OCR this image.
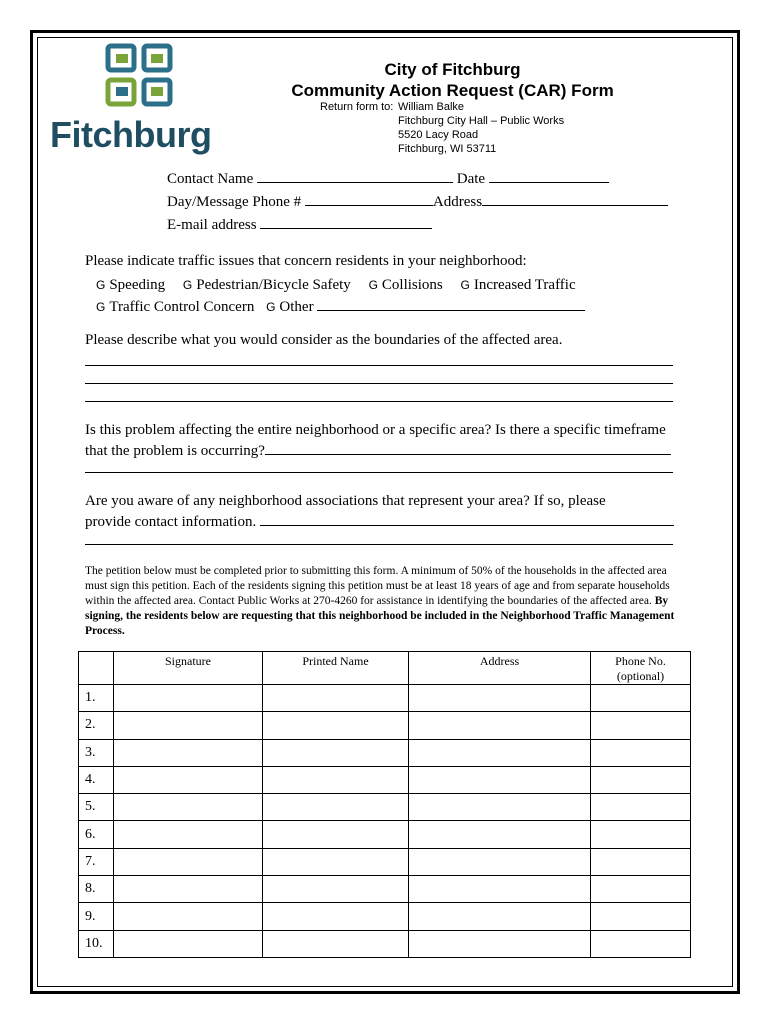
Fitchburg
City of Fitchburg
Community Action Request (CAR) Form
Return form to: William Balke
Fitchburg City Hall – Public Works
5520 Lacy Road
Fitchburg, WI 53711
Contact Name	Date
Day/Message Phone #	Address
E-mail address
Please indicate traffic issues that concern residents in your neighborhood:
G Speeding G Pedestrian/Bicycle Safety G Collisions G Increased Traffic
G Traffic Control Concern G Other
Please describe what you would consider as the boundaries of the affected area.
Is this problem affecting the entire neighborhood or a specific area? Is there a specific timeframe
that the problem is occurring?
Are you aware of any neighborhood associations that represent your area? If so, please
provide contact information.
The petition below must be completed prior to submitting this form. A minimum of 50% of the households in the affected area must sign this petition. Each of the residents signing this petition must be at least 18 years of age and from separate households within the affected area. Contact Public Works at 270-4260 for assistance in identifying the boundaries of the affected area. By signing, the residents below are requesting that this neighborhood be included in the Neighborhood Traffic Management Process.
	Signature	Printed Name	Address	Phone No. (optional)
1.				
2.				
3.				
4.				
5.				
6.				
7.				
8.				
9.				
10.				
